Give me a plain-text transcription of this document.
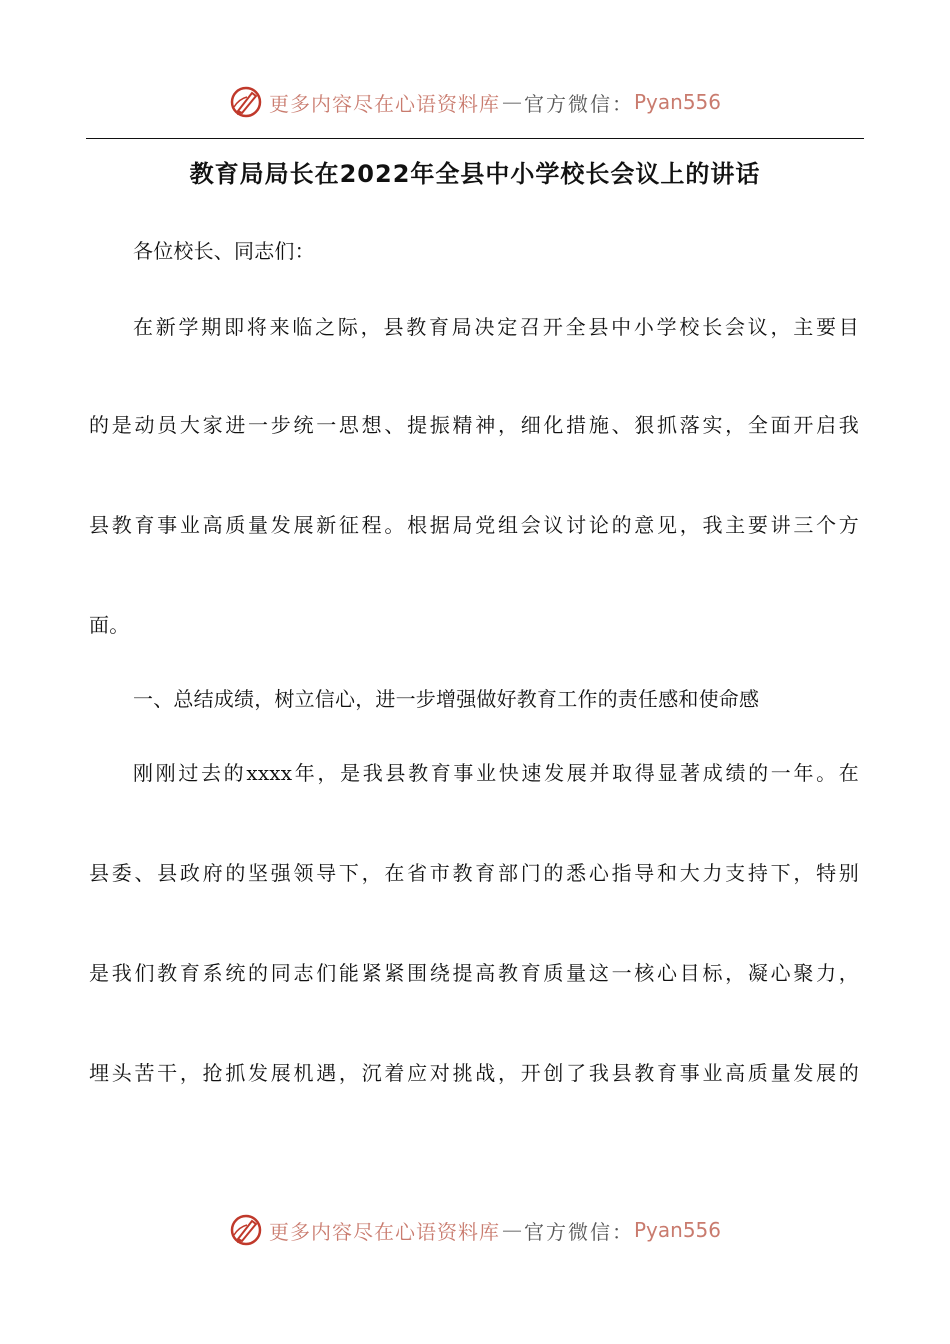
更多内容尽在心语资料库 — 官方微信： Pyan556
教育局局长在2022年全县中小学校长会议上的讲话
各位校长、同志们：
在新学期即将来临之际，县教育局决定召开全县中小学校长会议，主要目
的是动员大家进一步统一思想、提振精神，细化措施、狠抓落实，全面开启我
县教育事业高质量发展新征程。根据局党组会议讨论的意见，我主要讲三个方
面。
一、总结成绩，树立信心，进一步增强做好教育工作的责任感和使命感
刚刚过去的xxxx年，是我县教育事业快速发展并取得显著成绩的一年。在
县委、县政府的坚强领导下，在省市教育部门的悉心指导和大力支持下，特别
是我们教育系统的同志们能紧紧围绕提高教育质量这一核心目标，凝心聚力，
埋头苦干，抢抓发展机遇，沉着应对挑战，开创了我县教育事业高质量发展的
更多内容尽在心语资料库 — 官方微信： Pyan556
